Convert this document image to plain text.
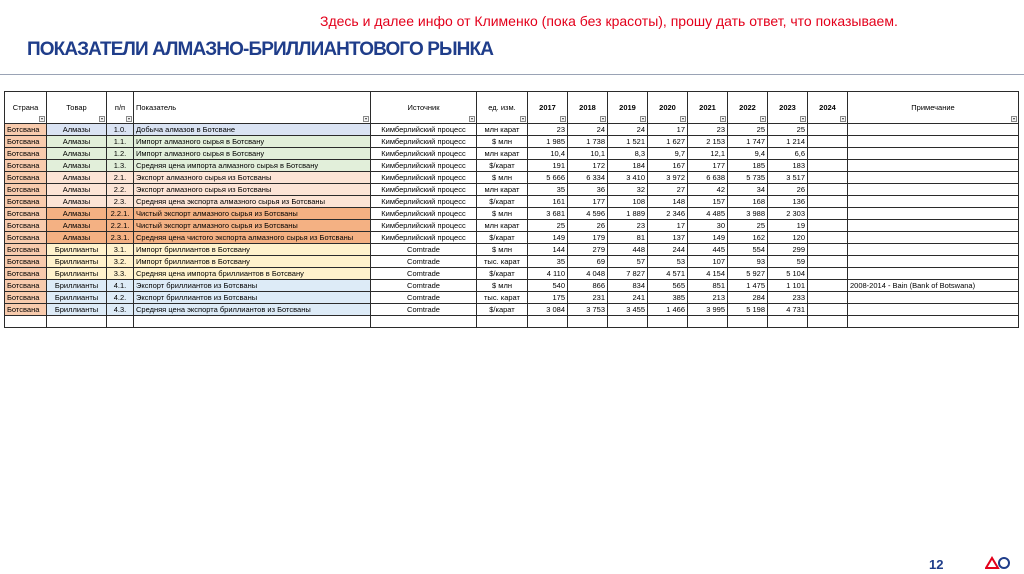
Здесь и далее инфо от Клименко (пока без красоты), прошу дать ответ, что показываем.
ПОКАЗАТЕЛИ АЛМАЗНО-БРИЛЛИАНТОВОГО РЫНКА
Страна	Товар	п/п	Показатель	Источник	ед. изм.	2017	2018	2019	2020	2021	2022	2023	2024	Примечание

Ботсвана	Алмазы	1.0.	Добыча алмазов в Ботсване	Кимберлийский процесс	млн карат	23	24	24	17	23	25	25		
Ботсвана	Алмазы	1.1.	Импорт алмазного сырья в Ботсвану	Кимберлийский процесс	$ млн	1 985	1 738	1 521	1 627	2 153	1 747	1 214		
Ботсвана	Алмазы	1.2.	Импорт алмазного сырья в Ботсвану	Кимберлийский процесс	млн карат	10,4	10,1	8,3	9,7	12,1	9,4	6,6		
Ботсвана	Алмазы	1.3.	Средняя цена импорта алмазного сырья в Ботсвану	Кимберлийский процесс	$/карат	191	172	184	167	177	185	183		
Ботсвана	Алмазы	2.1.	Экспорт алмазного сырья из Ботсваны	Кимберлийский процесс	$ млн	5 666	6 334	3 410	3 972	6 638	5 735	3 517		
Ботсвана	Алмазы	2.2.	Экспорт алмазного сырья из Ботсваны	Кимберлийский процесс	млн карат	35	36	32	27	42	34	26		
Ботсвана	Алмазы	2.3.	Средняя цена экспорта алмазного сырья из Ботсваны	Кимберлийский процесс	$/карат	161	177	108	148	157	168	136		
Ботсвана	Алмазы	2.2.1.	Чистый экспорт алмазного сырья из Ботсваны	Кимберлийский процесс	$ млн	3 681	4 596	1 889	2 346	4 485	3 988	2 303		
Ботсвана	Алмазы	2.2.1.	Чистый экспорт алмазного сырья из Ботсваны	Кимберлийский процесс	млн карат	25	26	23	17	30	25	19		
Ботсвана	Алмазы	2.3.1.	Средняя цена чистого экспорта алмазного сырья из Ботсваны	Кимберлийский процесс	$/карат	149	179	81	137	149	162	120		
Ботсвана	Бриллианты	3.1.	Импорт бриллиантов в Ботсвану	Comtrade	$ млн	144	279	448	244	445	554	299		
Ботсвана	Бриллианты	3.2.	Импорт бриллиантов в Ботсвану	Comtrade	тыс. карат	35	69	57	53	107	93	59		
Ботсвана	Бриллианты	3.3.	Средняя цена импорта бриллиантов в Ботсвану	Comtrade	$/карат	4 110	4 048	7 827	4 571	4 154	5 927	5 104		
Ботсвана	Бриллианты	4.1.	Экспорт бриллиантов из Ботсваны	Comtrade	$ млн	540	866	834	565	851	1 475	1 101		2008-2014 - Bain (Bank of Botswana)
Ботсвана	Бриллианты	4.2.	Экспорт бриллиантов из Ботсваны	Comtrade	тыс. карат	175	231	241	385	213	284	233		
Ботсвана	Бриллианты	4.3.	Средняя цена экспорта бриллиантов из Ботсваны	Comtrade	$/карат	3 084	3 753	3 455	1 466	3 995	5 198	4 731		

12
